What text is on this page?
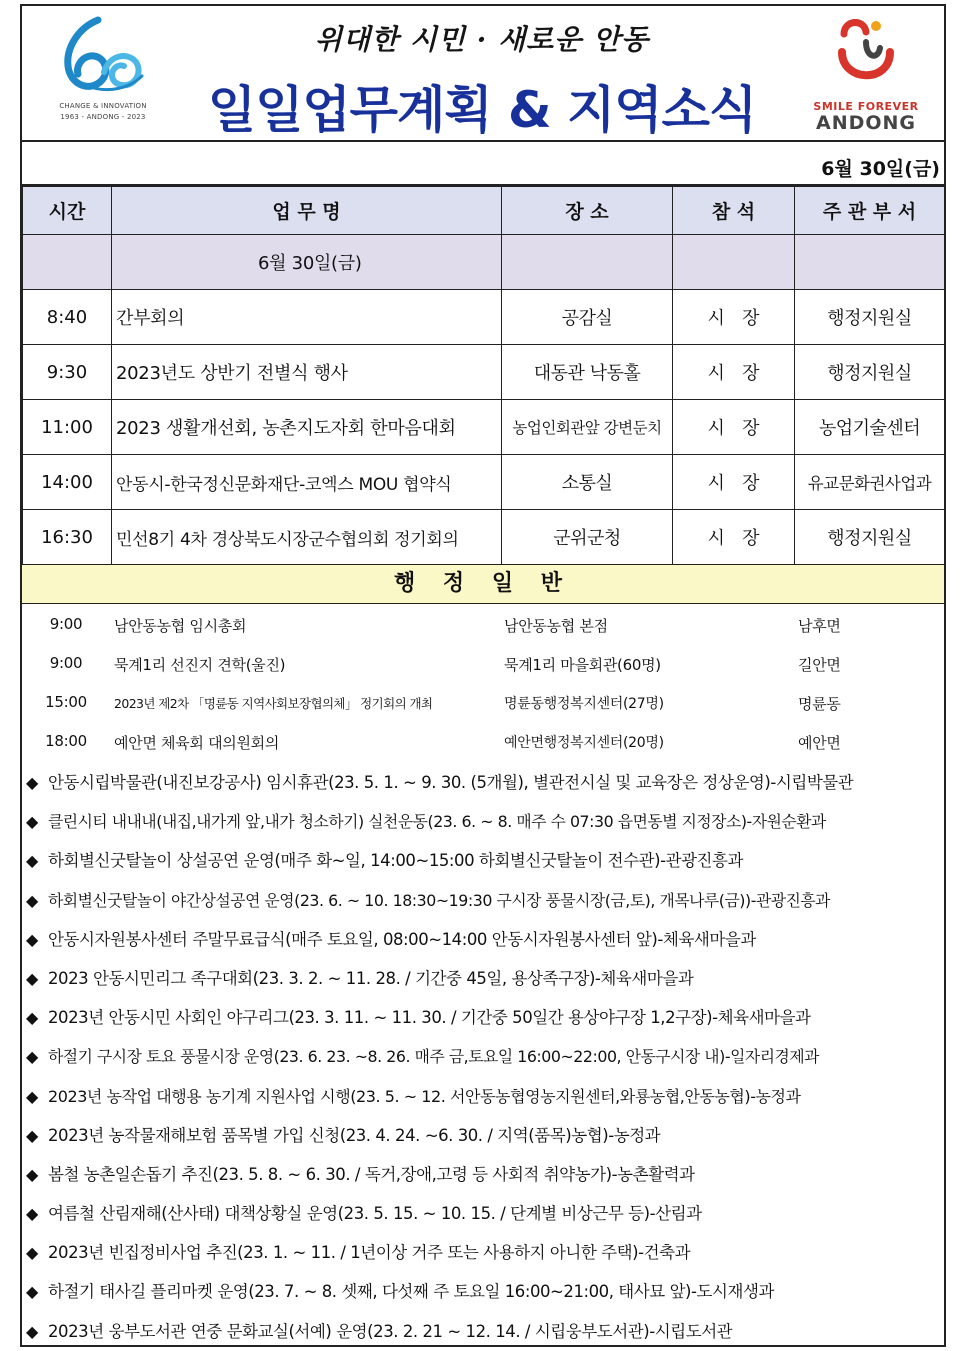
CHANGE & INNOVATION
1963 - ANDONG - 2023
위대한 시민 · 새로운 안동
일일업무계획 & 지역소식	SMILE FOREVER
ANDONG
6월 30일(금)
시간	업 무 명	장 소	참 석	주 관 부 서
	6월 30일(금)			
8:40	간부회의	공감실	시   장	행정지원실
9:30	2023년도 상반기 전별식 행사	대동관 낙동홀	시   장	행정지원실
11:00	2023 생활개선회, 농촌지도자회 한마음대회	농업인회관앞 강변둔치	시   장	농업기술센터
14:00	안동시-한국정신문화재단-코엑스 MOU 협약식	소통실	시   장	유교문화권사업과
16:30	민선8기 4차 경상북도시장군수협의회 정기회의	군위군청	시   장	행정지원실
행 정 일 반
9:00	남안동농협 임시총회	남안동농협 본점	남후면
9:00	묵계1리 선진지 견학(울진)	묵계1리 마을회관(60명)	길안면
15:00	2023년 제2차 「명륜동 지역사회보장협의체」 정기회의 개최	명륜동행정복지센터(27명)	명륜동
18:00	예안면 체육회 대의원회의	예안면행정복지센터(20명)	예안면
◆ 안동시립박물관(내진보강공사) 임시휴관(23. 5. 1. ~ 9. 30. (5개월), 별관전시실 및 교육장은 정상운영)-시립박물관
◆ 클린시티 내내내(내집,내가게 앞,내가 청소하기) 실천운동(23. 6. ~ 8. 매주 수 07:30 읍면동별 지정장소)-자원순환과
◆ 하회별신굿탈놀이 상설공연 운영(매주 화~일, 14:00~15:00 하회별신굿탈놀이 전수관)-관광진흥과
◆ 하회별신굿탈놀이 야간상설공연 운영(23. 6. ~ 10. 18:30~19:30 구시장 풍물시장(금,토), 개목나루(금))-관광진흥과
◆ 안동시자원봉사센터 주말무료급식(매주 토요일, 08:00~14:00 안동시자원봉사센터 앞)-체육새마을과
◆ 2023 안동시민리그 족구대회(23. 3. 2. ~ 11. 28. / 기간중 45일, 용상족구장)-체육새마을과
◆ 2023년 안동시민 사회인 야구리그(23. 3. 11. ~ 11. 30. / 기간중 50일간 용상야구장 1,2구장)-체육새마을과
◆ 하절기 구시장 토요 풍물시장 운영(23. 6. 23. ~8. 26. 매주 금,토요일 16:00~22:00, 안동구시장 내)-일자리경제과
◆ 2023년 농작업 대행용 농기계 지원사업 시행(23. 5. ~ 12. 서안동농협영농지원센터,와룡농협,안동농협)-농정과
◆ 2023년 농작물재해보험 품목별 가입 신청(23. 4. 24. ~6. 30. / 지역(품목)농협)-농정과
◆ 봄철 농촌일손돕기 추진(23. 5. 8. ~ 6. 30. / 독거,장애,고령 등 사회적 취약농가)-농촌활력과
◆ 여름철 산림재해(산사태) 대책상황실 운영(23. 5. 15. ~ 10. 15. / 단계별 비상근무 등)-산림과
◆ 2023년 빈집정비사업 추진(23. 1. ~ 11. / 1년이상 거주 또는 사용하지 아니한 주택)-건축과
◆ 하절기 태사길 플리마켓 운영(23. 7. ~ 8. 셋째, 다섯째 주 토요일 16:00~21:00, 태사묘 앞)-도시재생과
◆ 2023년 웅부도서관 연중 문화교실(서예) 운영(23. 2. 21 ~ 12. 14. / 시립웅부도서관)-시립도서관
